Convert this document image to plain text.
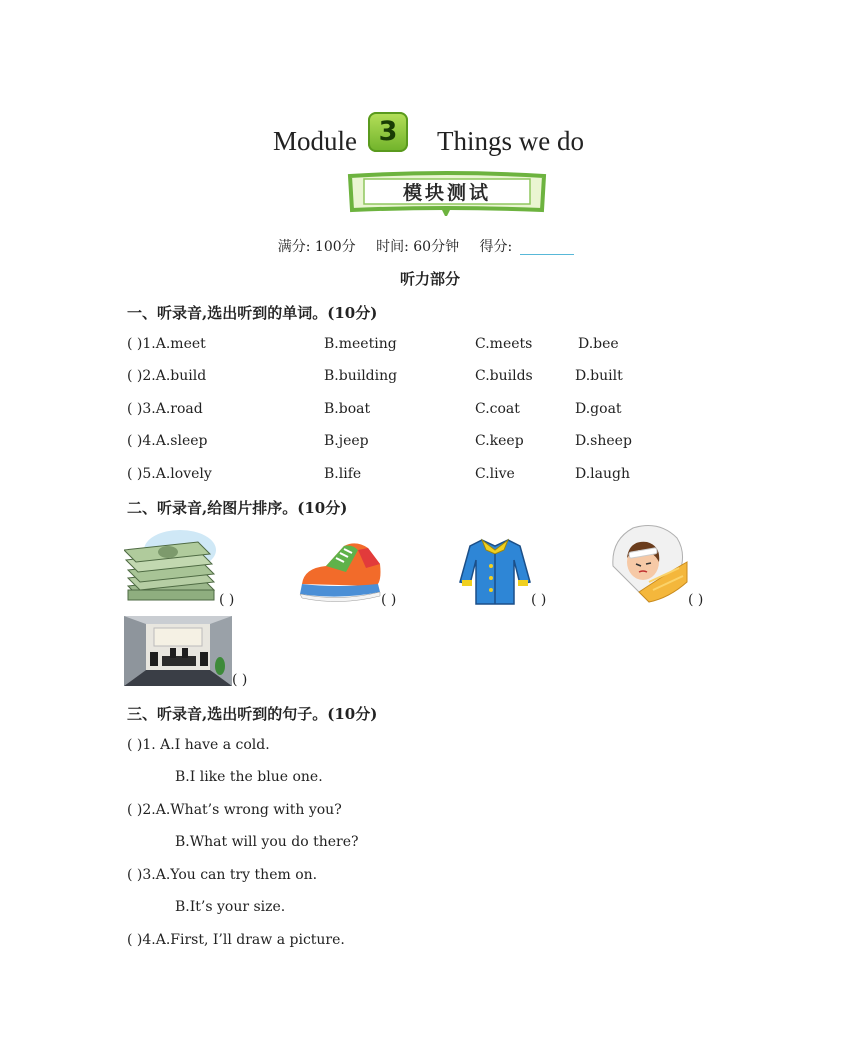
Module 3	Things we do
模块测试
满分: 100分 时间: 60分钟 得分:
听力部分
一、听录音,选出听到的单词。(10分)
( )1.A.meet	B.meeting	C.meets	D.bee
( )2.A.build	B.building	C.builds	D.built
( )3.A.road	B.boat	C.coat	D.goat
( )4.A.sleep	B.jeep	C.keep	D.sheep
( )5.A.lovely	B.life	C.live	D.laugh
二、听录音,给图片排序。(10分)
( )	( )	( )	( )
( )
三、听录音,选出听到的句子。(10分)
( )1. A.I have a cold.
B.I like the blue one.
( )2.A.What’s wrong with you?
B.What will you do there?
( )3.A.You can try them on.
B.It’s your size.
( )4.A.First, I’ll draw a picture.
